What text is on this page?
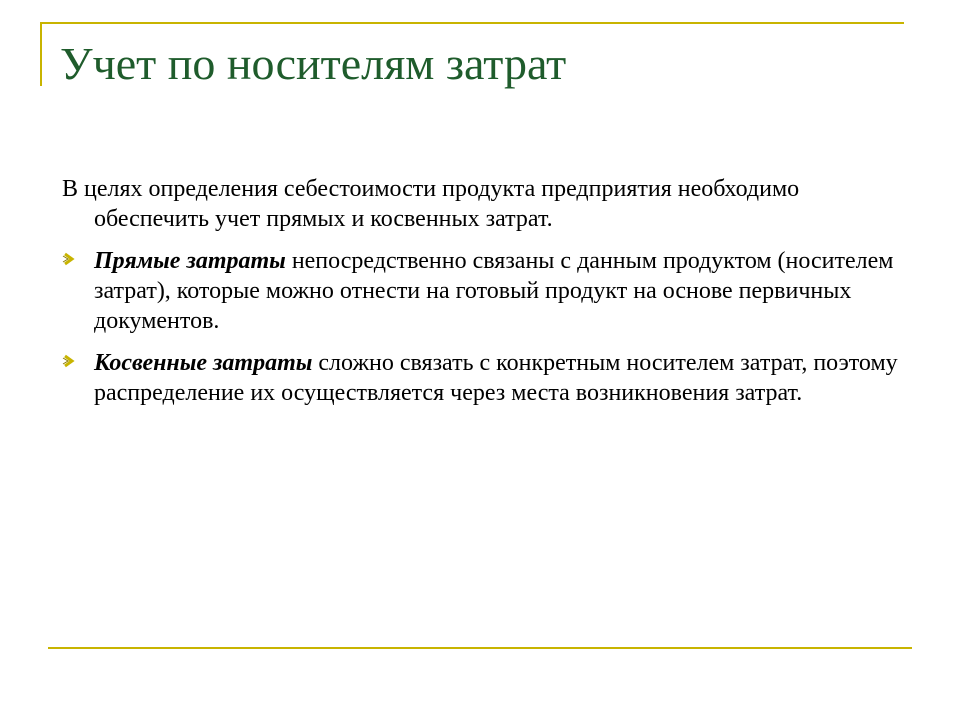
Учет по носителям затрат

В целях определения себестоимости продукта предприятия необходимо обеспечить учет прямых и косвенных затрат.

Прямые затраты непосредственно связаны с данным продуктом (носителем затрат), которые можно отнести на готовый продукт на основе первичных документов.
Косвенные затраты сложно связать с конкретным носителем затрат, поэтому распределение их осуществляется через места возникновения затрат.
